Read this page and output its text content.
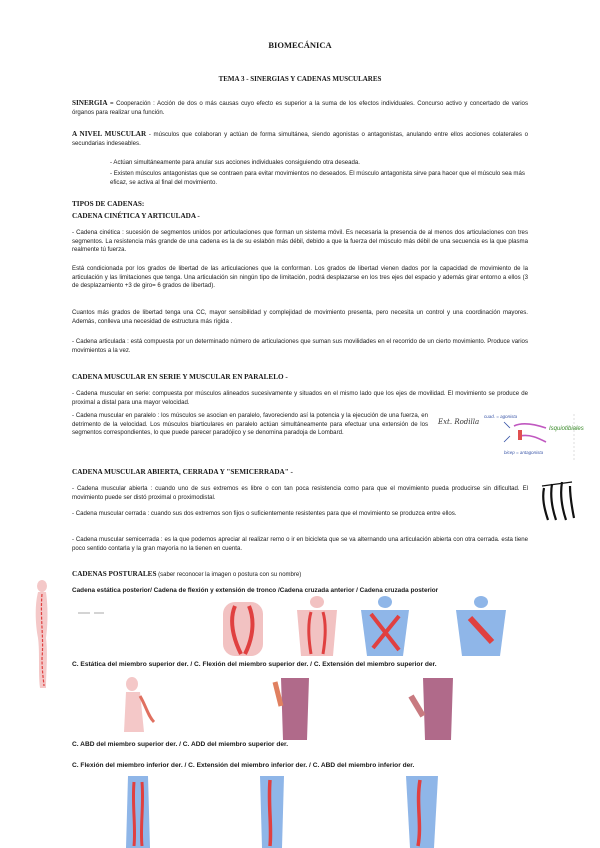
BIOMECÁNICA
TEMA 3 - SINERGIAS Y CADENAS MUSCULARES
SINERGIA = Cooperación : Acción de dos o más causas cuyo efecto es superior a la suma de los efectos individuales. Concurso activo y concertado de varios órganos para realizar una función.
A NIVEL MUSCULAR - músculos que colaboran y actúan de forma simultánea, siendo agonistas o antagonistas, anulando entre ellos acciones colaterales o secundarias indeseables.
- Actúan simultáneamente para anular sus acciones individuales consiguiendo otra deseada.
- Existen músculos antagonistas que se contraen para evitar movimientos no deseados. El músculo antagonista sirve para hacer que el músculo sea más eficaz, se activa al final del movimiento.
TIPOS DE CADENAS:
CADENA CINÉTICA Y ARTICULADA -
- Cadena cinética : sucesión de segmentos unidos por articulaciones que forman un sistema móvil. Es necesaria la presencia de al menos dos articulaciones con tres segmentos. La resistencia más grande de una cadena es la de su eslabón más débil, debido a que la fuerza del músculo más débil de una secuencia es la que plasma realmente tú fuerza.
Está condicionada por los grados de libertad de las articulaciones que la conforman. Los grados de libertad vienen dados por la capacidad de movimiento de la articulación y las limitaciones que tenga. Una articulación sin ningún tipo de limitación, podrá desplazarse en los tres ejes del espacio y además girar entorno a ellos (3 de desplazamiento +3 de giro= 6 grados de libertad).
Cuantos más grados de libertad tenga una CC, mayor sensibilidad y complejidad de movimiento presenta, pero necesita un control y una coordinación mayores. Además, conlleva una necesidad de estructura más rígida .
- Cadena articulada : está compuesta por un determinado número de articulaciones que suman sus movilidades en el recorrido de un cierto movimiento. Produce varios movimientos a la vez.
CADENA MUSCULAR EN SERIE Y MUSCULAR EN PARALELO -
- Cadena muscular en serie: compuesta por músculos alineados sucesivamente y situados en el mismo lado que los ejes de movilidad. El movimiento se produce de proximal a distal para una mayor velocidad.
- Cadena muscular en paralelo : los músculos se asocian en paralelo, favoreciendo así la potencia y la ejecución de una fuerza, en detrimento de la velocidad. Los músculos biarticulares en paralelo actúan simultáneamente para efectuar una extensión de los segmentos correspondientes, lo que puede parecer paradójico y se denomina paradoja de Lombard.
Ext. Rodilla
cuad. = agonista
Isquiotibiales
bicep = antagonista
CADENA MUSCULAR ABIERTA, CERRADA Y "SEMICERRADA" -
- Cadena muscular abierta : cuando uno de sus extremos es libre o con tan poca resistencia como para que el movimiento pueda producirse sin dificultad. El movimiento puede ser distó proximal o proximodistal.
- Cadena muscular cerrada : cuando sus dos extremos son fijos o suficientemente resistentes para que el movimiento se produzca entre ellos.
- Cadena muscular semicerrada : es la que podemos apreciar al realizar remo o ir en bicicleta que se va alternando una articulación abierta con otra cerrada. esta tiene poco sentido contarla y la gran mayoría no la tienen en cuenta.
CADENAS POSTURALES (saber reconocer la imagen o postura con su nombre)
Cadena estática posterior/ Cadena de flexión y extensión de tronco /Cadena cruzada anterior / Cadena cruzada posterior
C. Estática del miembro superior der. / C. Flexión del miembro superior der. / C. Extensión del miembro superior der.
C. ABD del miembro superior der. / C. ADD del miembro superior der.
C. Flexión del miembro inferior der. / C. Extensión del miembro inferior der. / C. ABD del miembro inferior der.
